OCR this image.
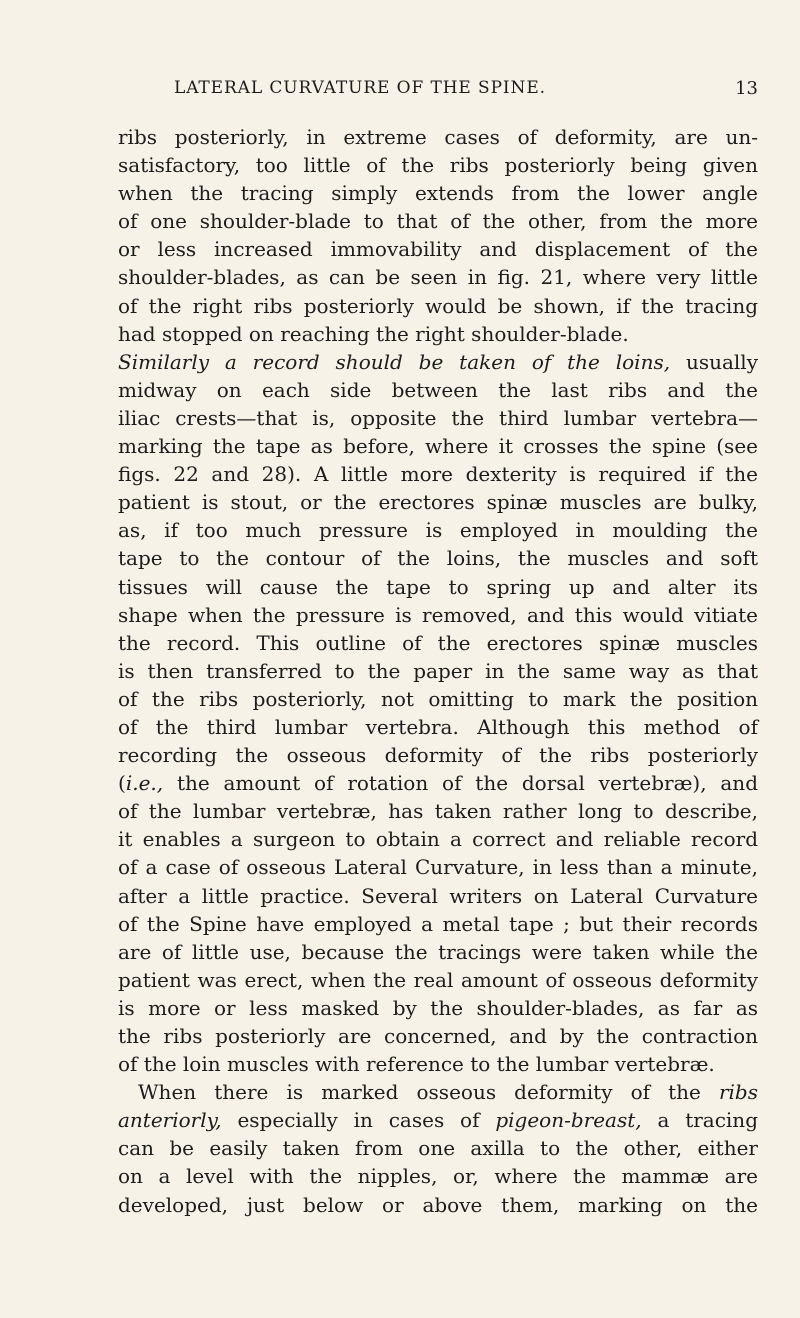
LATERAL CURVATURE OF THE SPINE.	13
ribs posteriorly, in extreme cases of deformity, are un-
satisfactory, too little of the ribs posteriorly being given
when the tracing simply extends from the lower angle
of one shoulder-blade to that of the other, from the more
or less increased immovability and displacement of the
shoulder-blades, as can be seen in fig. 21, where very little
of the right ribs posteriorly would be shown, if the tracing
had stopped on reaching the right shoulder-blade.
Similarly a record should be taken of the loins, usually
midway on each side between the last ribs and the
iliac crests—that is, opposite the third lumbar vertebra—
marking the tape as before, where it crosses the spine (see
figs. 22 and 28). A little more dexterity is required if the
patient is stout, or the erectores spinæ muscles are bulky,
as, if too much pressure is employed in moulding the
tape to the contour of the loins, the muscles and soft
tissues will cause the tape to spring up and alter its
shape when the pressure is removed, and this would vitiate
the record. This outline of the erectores spinæ muscles
is then transferred to the paper in the same way as that
of the ribs posteriorly, not omitting to mark the position
of the third lumbar vertebra. Although this method of
recording the osseous deformity of the ribs posteriorly
(i.e., the amount of rotation of the dorsal vertebræ), and
of the lumbar vertebræ, has taken rather long to describe,
it enables a surgeon to obtain a correct and reliable record
of a case of osseous Lateral Curvature, in less than a minute,
after a little practice. Several writers on Lateral Curvature
of the Spine have employed a metal tape ; but their records
are of little use, because the tracings were taken while the
patient was erect, when the real amount of osseous deformity
is more or less masked by the shoulder-blades, as far as
the ribs posteriorly are concerned, and by the contraction
of the loin muscles with reference to the lumbar vertebræ.
When there is marked osseous deformity of the ribs
anteriorly, especially in cases of pigeon-breast, a tracing
can be easily taken from one axilla to the other, either
on a level with the nipples, or, where the mammæ are
developed, just below or above them, marking on the
